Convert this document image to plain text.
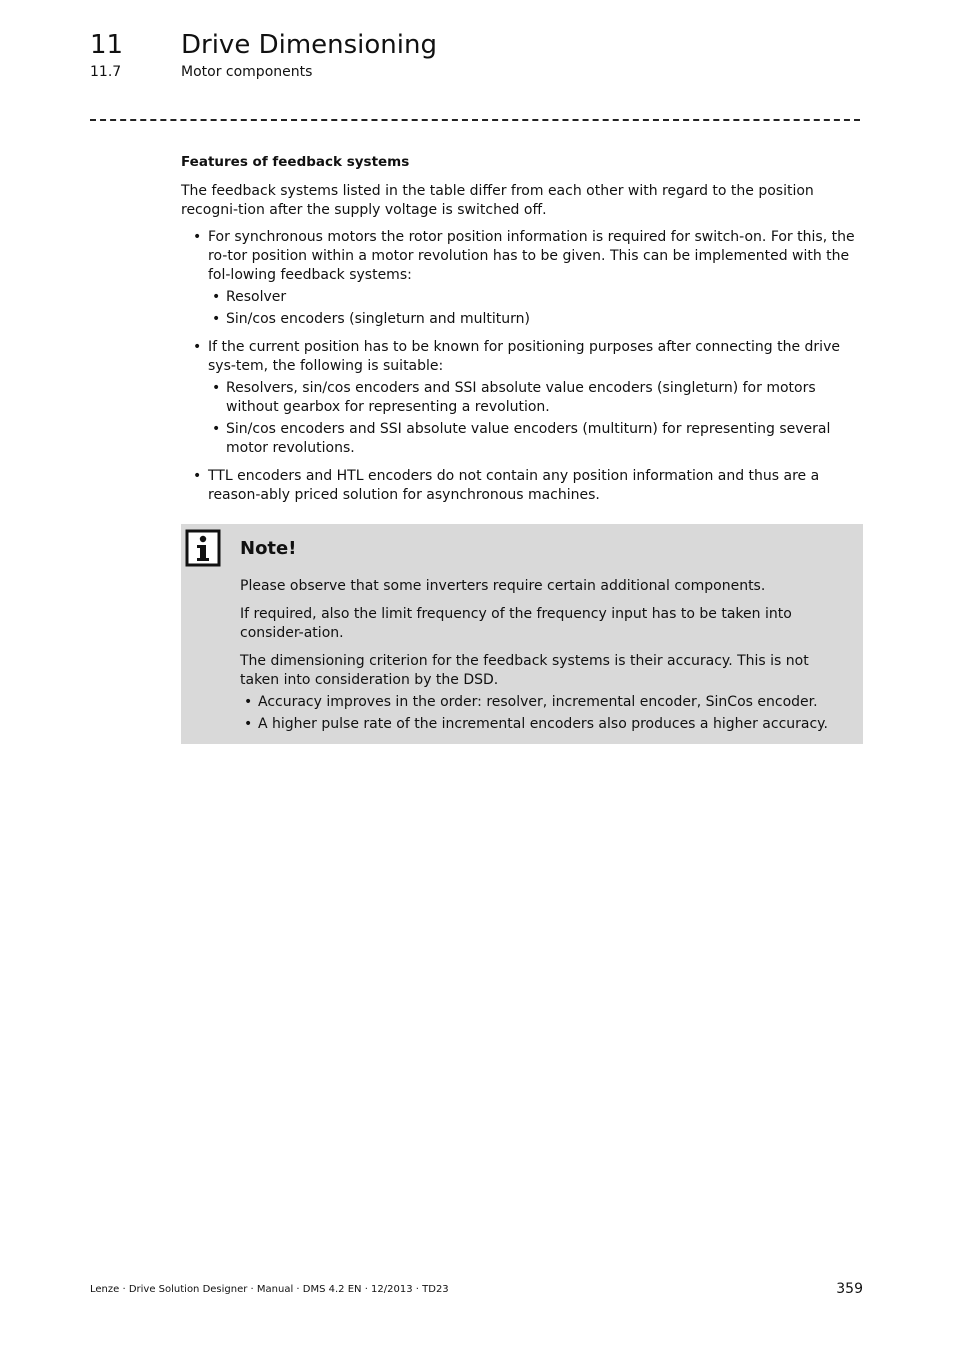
11 Drive Dimensioning
11.7	Motor components
Features of feedback systems

The feedback systems listed in the table differ from each other with regard to the position recogni-tion after the supply voltage is switched off.

• For synchronous motors the rotor position information is required for switch-on. For this, the ro-tor position within a motor revolution has to be given. This can be implemented with the fol-lowing feedback systems:
• Resolver
• Sin/cos encoders (singleturn and multiturn)
• If the current position has to be known for positioning purposes after connecting the drive sys-tem, the following is suitable:
• Resolvers, sin/cos encoders and SSI absolute value encoders (singleturn) for motors without gearbox for representing a revolution.
• Sin/cos encoders and SSI absolute value encoders (multiturn) for representing several motor revolutions.
• TTL encoders and HTL encoders do not contain any position information and thus are a reason-ably priced solution for asynchronous machines.
Note!

Please observe that some inverters require certain additional components.

If required, also the limit frequency of the frequency input has to be taken into consider-ation.

The dimensioning criterion for the feedback systems is their accuracy. This is not taken into consideration by the DSD.

• Accuracy improves in the order: resolver, incremental encoder, SinCos encoder.
• A higher pulse rate of the incremental encoders also produces a higher accuracy.
Lenze · Drive Solution Designer · Manual · DMS 4.2 EN · 12/2013 · TD23	359
